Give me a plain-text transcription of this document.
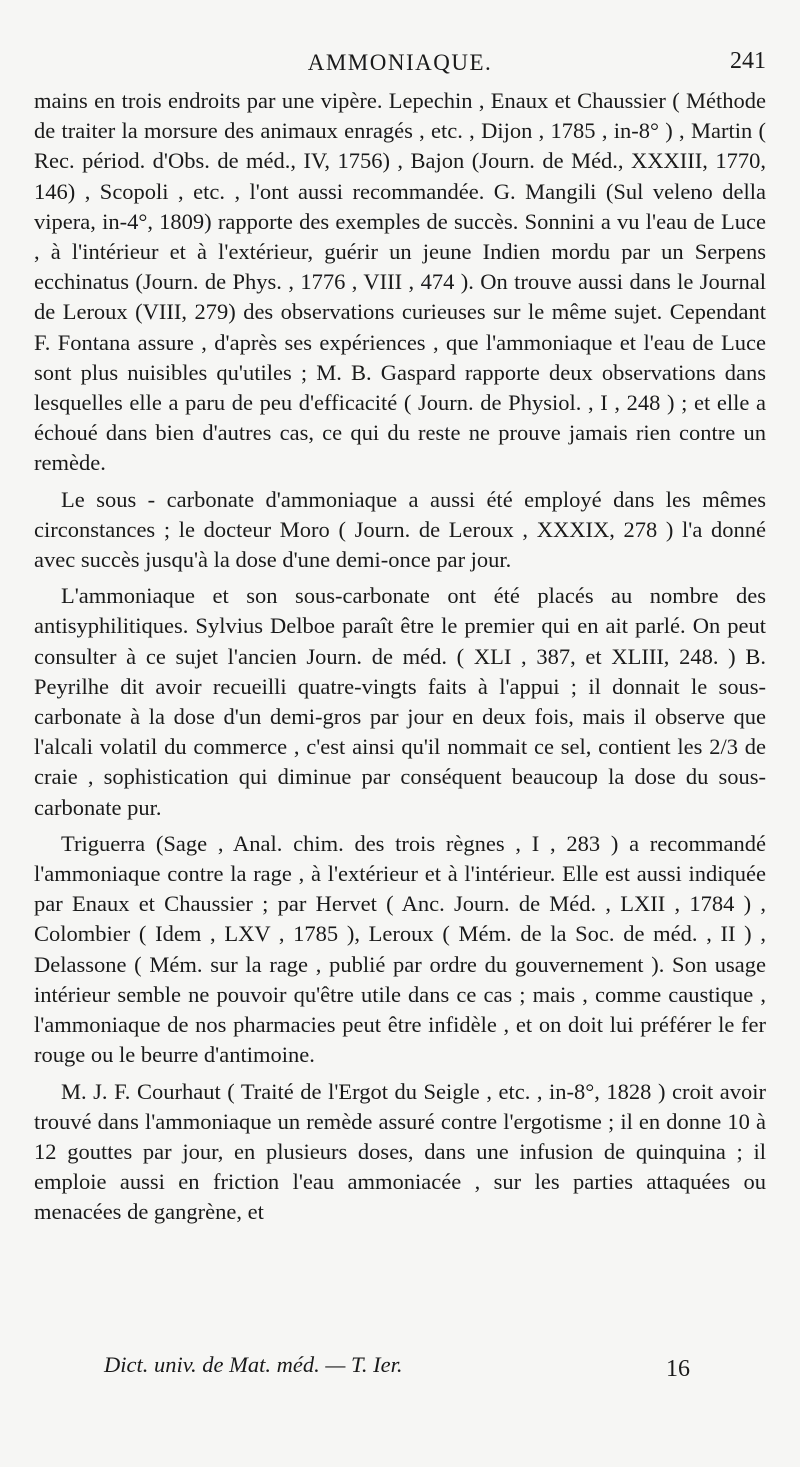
AMMONIAQUE.	241

mains en trois endroits par une vipère. Lepechin , Enaux et Chaussier ( Méthode de traiter la morsure des animaux enragés , etc. , Dijon , 1785 , in-8° ) , Martin ( Rec. périod. d'Obs. de méd., IV, 1756) , Bajon (Journ. de Méd., XXXIII, 1770, 146) , Scopoli , etc. , l'ont aussi recommandée. G. Mangili (Sul veleno della vipera, in-4°, 1809) rapporte des exemples de succès. Sonnini a vu l'eau de Luce , à l'intérieur et à l'extérieur, guérir un jeune Indien mordu par un Serpens ecchinatus (Journ. de Phys. , 1776 , VIII , 474 ). On trouve aussi dans le Journal de Leroux (VIII, 279) des observations curieuses sur le même sujet. Cependant F. Fontana assure , d'après ses expériences , que l'ammoniaque et l'eau de Luce sont plus nuisibles qu'utiles ; M. B. Gaspard rapporte deux observations dans lesquelles elle a paru de peu d'efficacité ( Journ. de Physiol. , I , 248 ) ; et elle a échoué dans bien d'autres cas, ce qui du reste ne prouve jamais rien contre un remède.

Le sous - carbonate d'ammoniaque a aussi été employé dans les mêmes circonstances ; le docteur Moro ( Journ. de Leroux , XXXIX, 278 ) l'a donné avec succès jusqu'à la dose d'une demi-once par jour.

L'ammoniaque et son sous-carbonate ont été placés au nombre des antisyphilitiques. Sylvius Delboe paraît être le premier qui en ait parlé. On peut consulter à ce sujet l'ancien Journ. de méd. ( XLI , 387, et XLIII, 248. ) B. Peyrilhe dit avoir recueilli quatre-vingts faits à l'appui ; il donnait le sous-carbonate à la dose d'un demi-gros par jour en deux fois, mais il observe que l'alcali volatil du commerce , c'est ainsi qu'il nommait ce sel, contient les 2/3 de craie , sophistication qui diminue par conséquent beaucoup la dose du sous-carbonate pur.

Triguerra (Sage , Anal. chim. des trois règnes , I , 283 ) a recommandé l'ammoniaque contre la rage , à l'extérieur et à l'intérieur. Elle est aussi indiquée par Enaux et Chaussier ; par Hervet ( Anc. Journ. de Méd. , LXII , 1784 ) , Colombier ( Idem , LXV , 1785 ), Leroux ( Mém. de la Soc. de méd. , II ) , Delassone ( Mém. sur la rage , publié par ordre du gouvernement ). Son usage intérieur semble ne pouvoir qu'être utile dans ce cas ; mais , comme caustique , l'ammoniaque de nos pharmacies peut être infidèle , et on doit lui préférer le fer rouge ou le beurre d'antimoine.

M. J. F. Courhaut ( Traité de l'Ergot du Seigle , etc. , in-8°, 1828 ) croit avoir trouvé dans l'ammoniaque un remède assuré contre l'ergotisme ; il en donne 10 à 12 gouttes par jour, en plusieurs doses, dans une infusion de quinquina ; il emploie aussi en friction l'eau ammoniacée , sur les parties attaquées ou menacées de gangrène, et

Dict. univ. de Mat. méd. — T. Ier.	16
